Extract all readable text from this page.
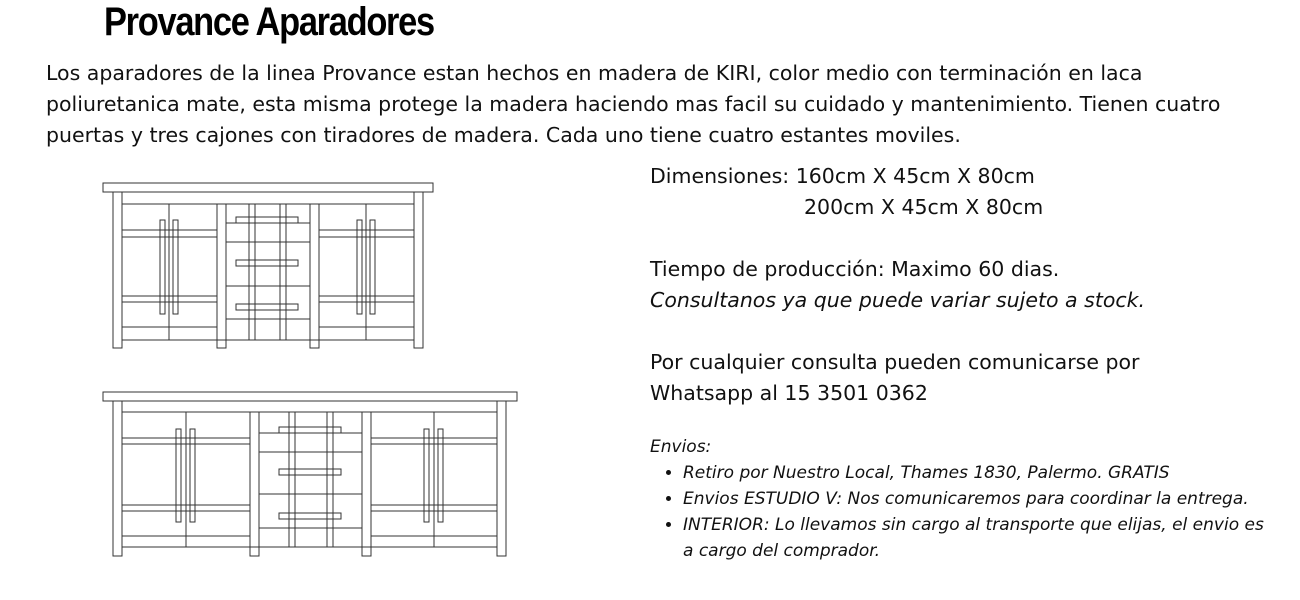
Provance Aparadores

Los aparadores de la linea Provance estan hechos en madera de KIRI, color medio con terminación en laca poliuretanica mate, esta misma protege la madera haciendo mas facil su cuidado y mantenimiento. Tienen cuatro puertas y tres cajones con tiradores de madera. Cada uno tiene cuatro estantes moviles.

Dimensiones: 160cm X 45cm X 80cm

200cm X 45cm X 80cm

Tiempo de producción: Maximo 60 dias.

Consultanos ya que puede variar sujeto a stock.

Por cualquier consulta pueden comunicarse por

Whatsapp al 15 3501 0362

Envios:
• Retiro por Nuestro Local, Thames 1830, Palermo. GRATIS
• Envios ESTUDIO V: Nos comunicaremos para coordinar la entrega.
• INTERIOR: Lo llevamos sin cargo al transporte que elijas, el envio es a cargo del comprador.
